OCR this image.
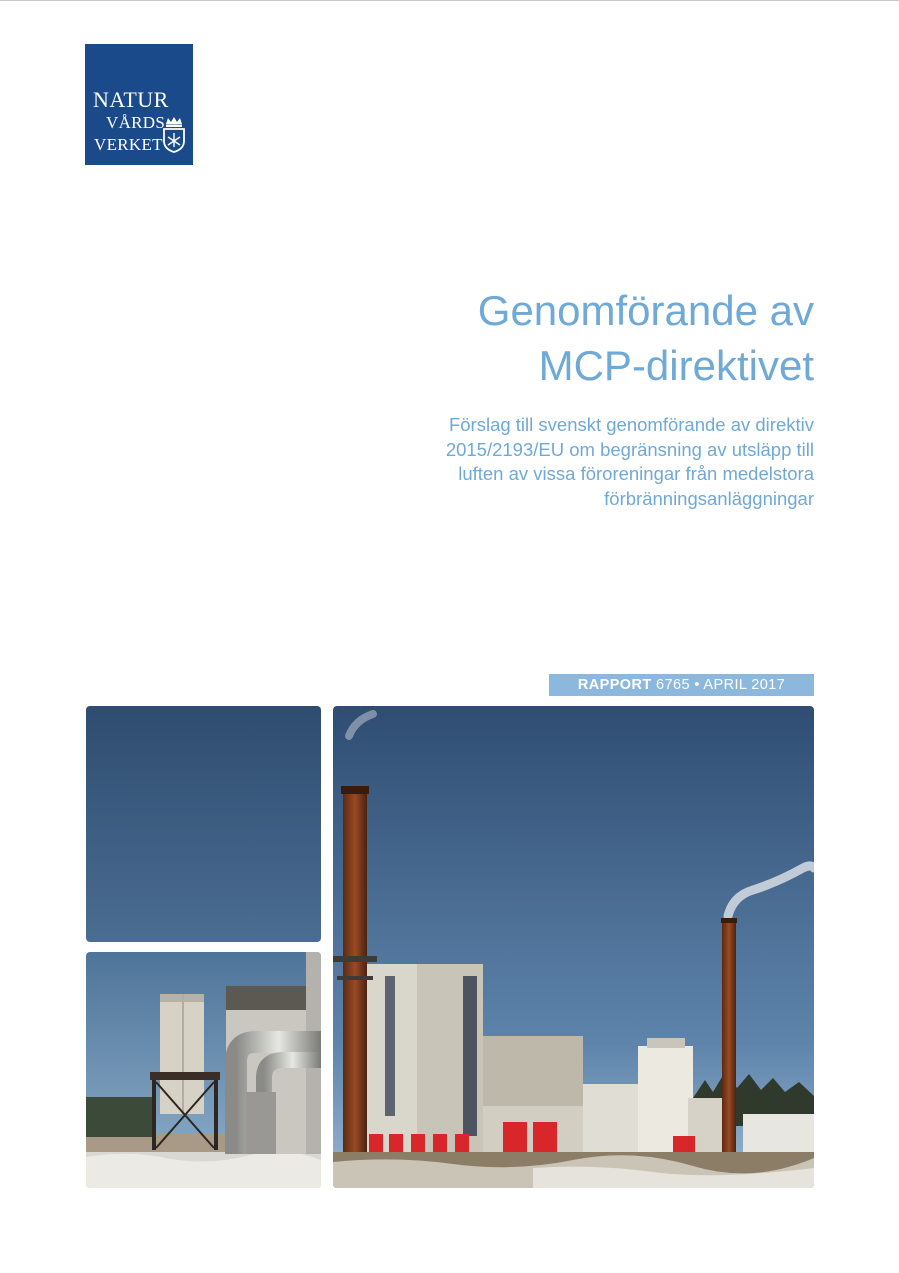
NATUR
VÅRDS
VERKET
Genomförande av
MCP-direktivet
Förslag till svenskt genomförande av direktiv
2015/2193/EU om begränsning av utsläpp till
luften av vissa föroreningar från medelstora
förbränningsanläggningar
RAPPORT 6765 • APRIL 2017
